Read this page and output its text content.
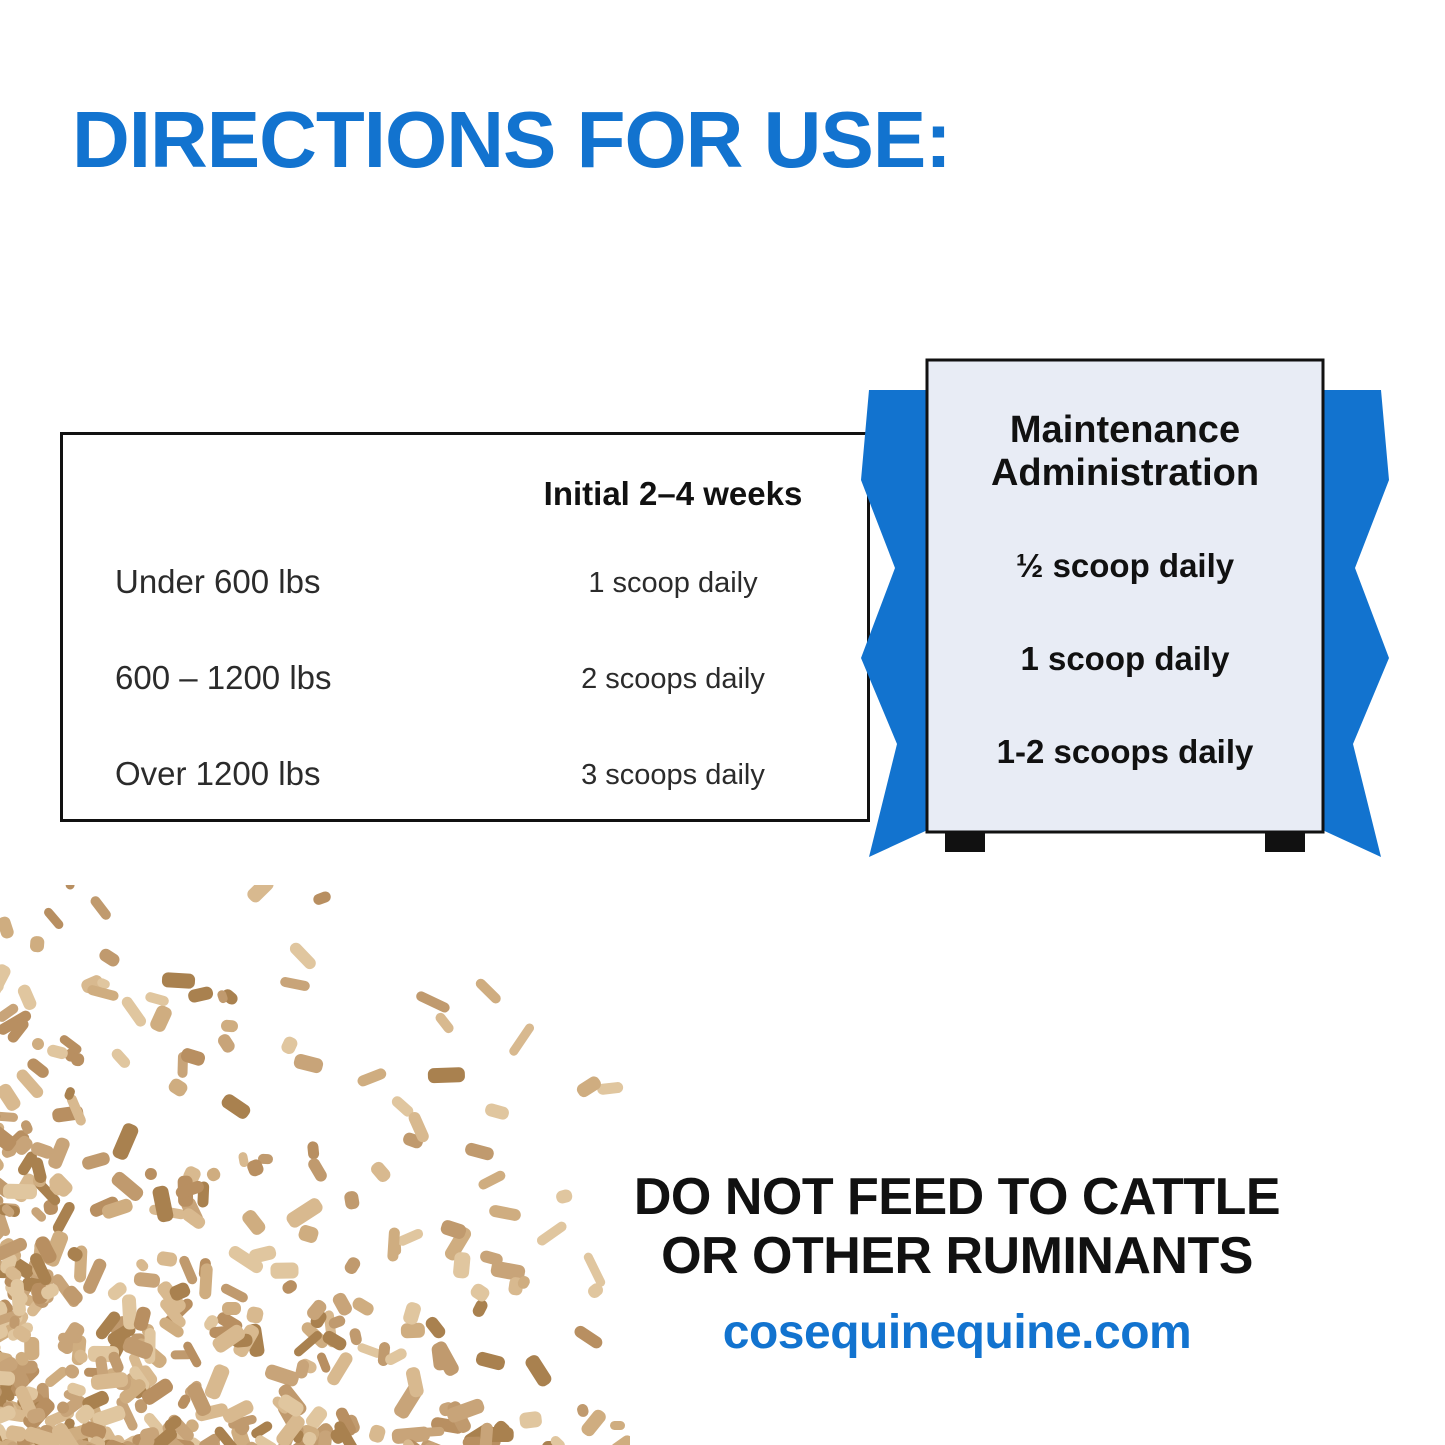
DIRECTIONS FOR USE:
Initial 2–4 weeks
Under 600 lbs	1 scoop daily
600 – 1200 lbs	2 scoops daily
Over 1200 lbs	3 scoops daily
Maintenance
Administration
½ scoop daily
1 scoop daily
1-2 scoops daily
DO NOT FEED TO CATTLE
OR OTHER RUMINANTS
cosequinequine.com
